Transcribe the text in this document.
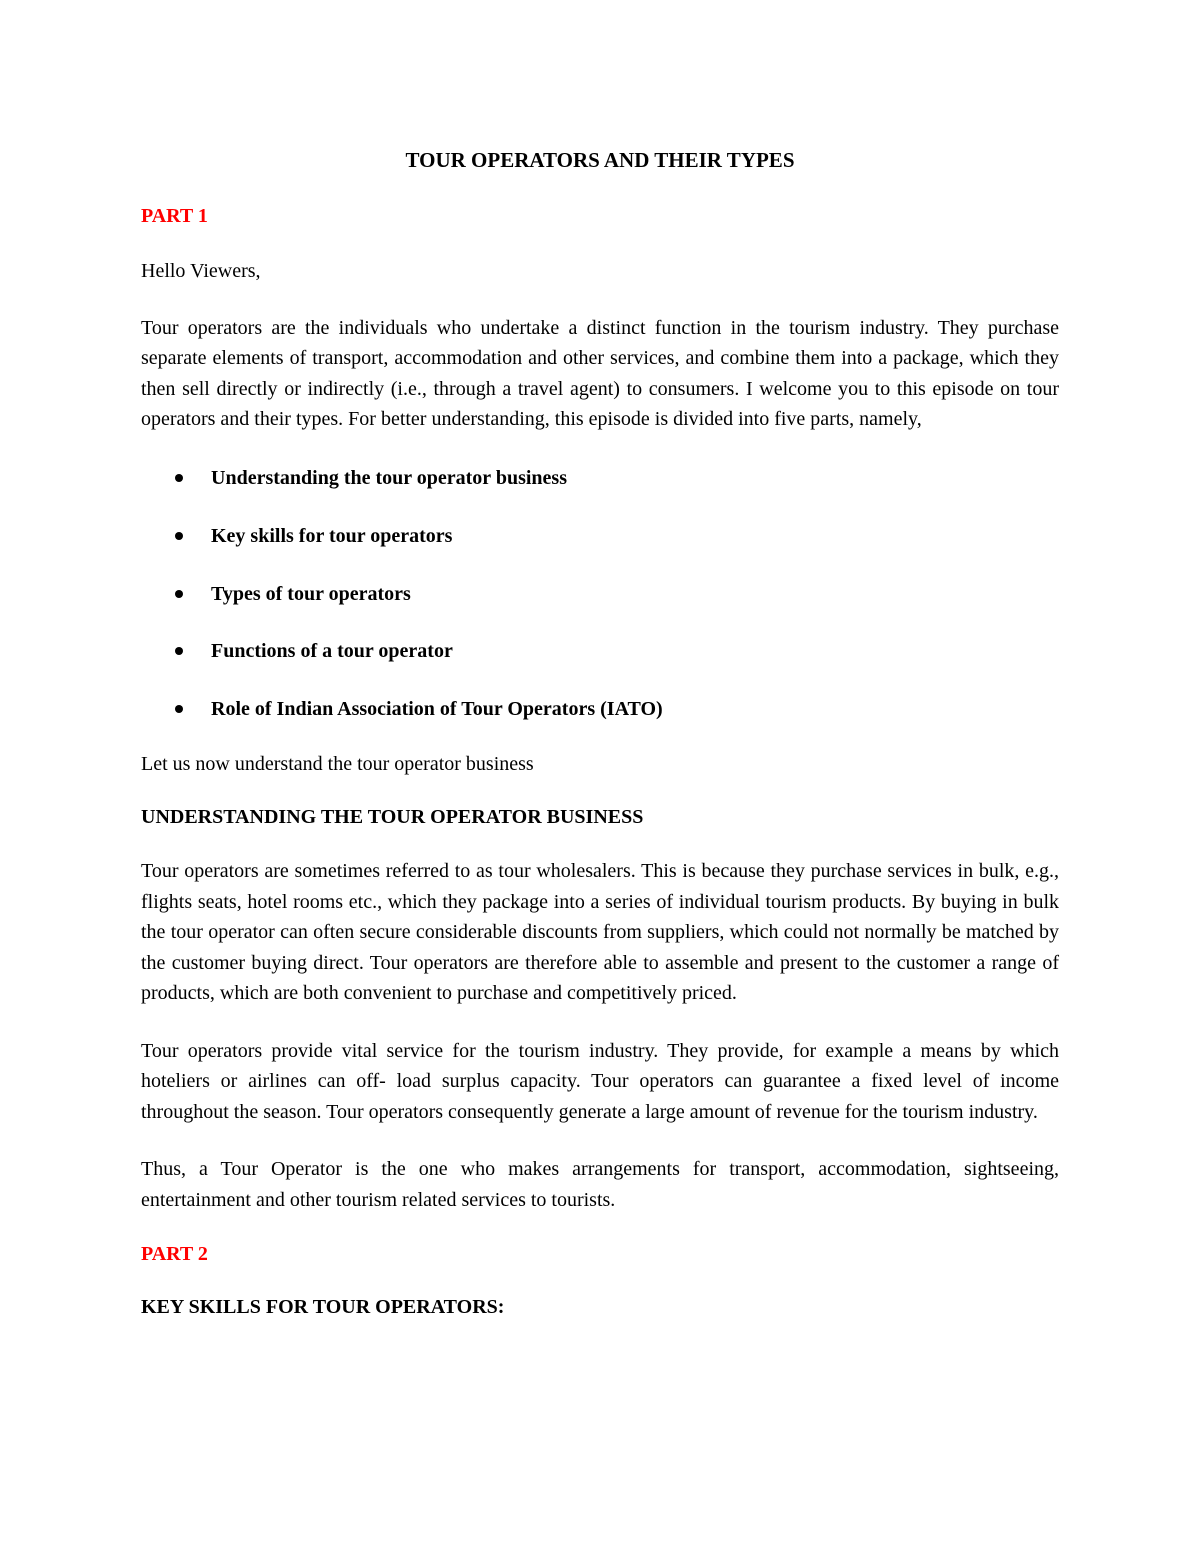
TOUR OPERATORS AND THEIR TYPES

PART 1

Hello Viewers,

Tour operators are the individuals who undertake a distinct function in the tourism industry. They purchase separate elements of transport, accommodation and other services, and combine them into a package, which they then sell directly or indirectly (i.e., through a travel agent) to consumers. I welcome you to this episode on tour operators and their types. For better understanding, this episode is divided into five parts, namely,

Understanding the tour operator business
Key skills for tour operators
Types of tour operators
Functions of a tour operator
Role of Indian Association of Tour Operators (IATO)

Let us now understand the tour operator business

UNDERSTANDING THE TOUR OPERATOR BUSINESS

Tour operators are sometimes referred to as tour wholesalers. This is because they purchase services in bulk, e.g., flights seats, hotel rooms etc., which they package into a series of individual tourism products. By buying in bulk the tour operator can often secure considerable discounts from suppliers, which could not normally be matched by the customer buying direct. Tour operators are therefore able to assemble and present to the customer a range of products, which are both convenient to purchase and competitively priced.

Tour operators provide vital service for the tourism industry. They provide, for example a means by which hoteliers or airlines can off- load surplus capacity. Tour operators can guarantee a fixed level of income throughout the season. Tour operators consequently generate a large amount of revenue for the tourism industry.

Thus, a Tour Operator is the one who makes arrangements for transport, accommodation, sightseeing, entertainment and other tourism related services to tourists.

PART 2

KEY SKILLS FOR TOUR OPERATORS:
